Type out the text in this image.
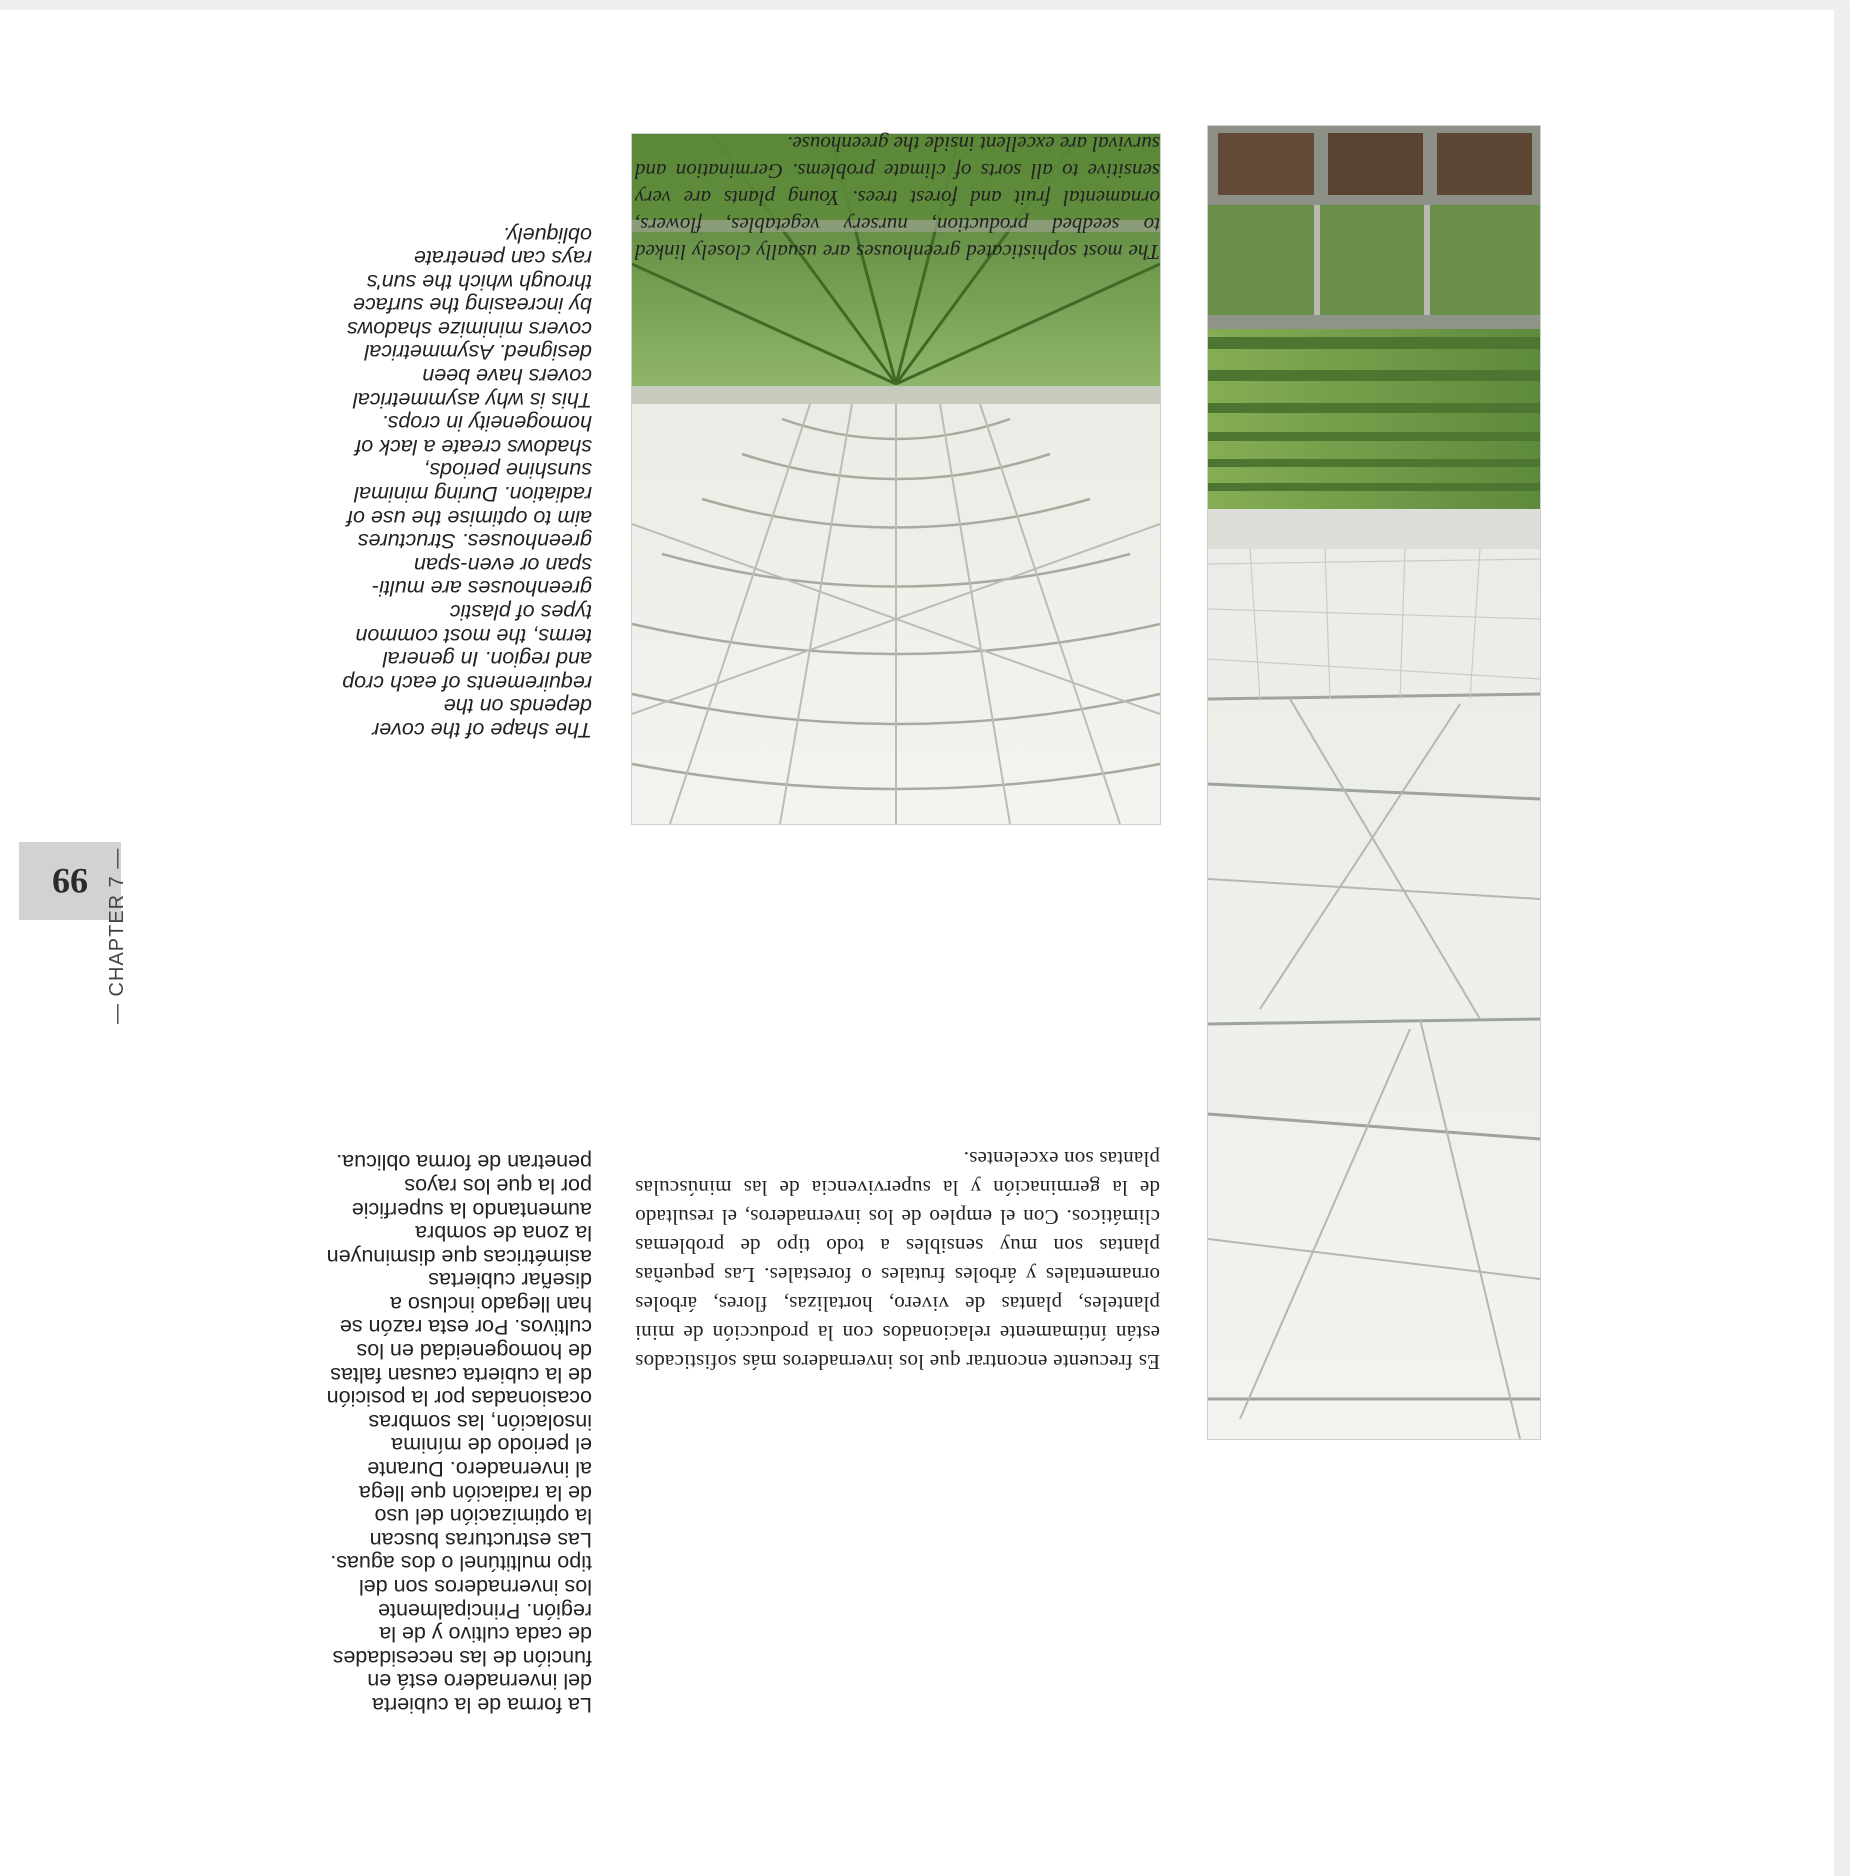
Es frecuente encontrar que los invernaderos más sofisticados están íntimamente relacionados con la producción de mini planteles, plantas de vivero, hortalizas, flores, árboles ornamentales y árboles frutales o forestales. Las pequeñas plantas son muy sensibles a todo tipo de problemas climáticos. Con el empleo de los invernaderos, el resultado de la germinación y la supervivencia de las minúsculas plantas son excelentes.
The most sophisticated greenhouses are usually closely linked to seedbed production, nursery vegetables, flowers, ornamental fruit and forest trees. Young plants are very sensitive to all sorts of climate problems. Germination and survival are excellent inside the greenhouse.
La forma de la cubierta
del invernadero está en
función de las necesidades
de cada cultivo y de la
región. Principalmente
los invernaderos son del
tipo multitúnel o dos aguas.
Las estructuras buscan
la optimización del uso
de la radiación que llega
al invernadero. Durante
el periodo de mínima
insolación, las sombras
ocasionadas por la posición
de la cubierta causan faltas
de homogeneidad en los
cultivos. Por esta razón se
han llegado incluso a
diseñar cubiertas
asimétricas que disminuyen
la zona de sombra
aumentando la superficie
por la que los rayos
penetran de forma oblicua.
The shape of the cover
depends on the
requirements of each crop
and region. In general
terms, the most common
types of plastic
greenhouses are multi-
span or even-span
greenhouses. Structures
aim to optimise the use of
radiation. During minimal
sunshine periods,
shadows create a lack of
homogeneity in crops.
This is why asymmetrical
covers have been
designed. Asymmetrical
covers minimize shadows
by increasing the surface
through which the sun's
rays can penetrate
obliquely.
99 — CHAPTER 7 —
